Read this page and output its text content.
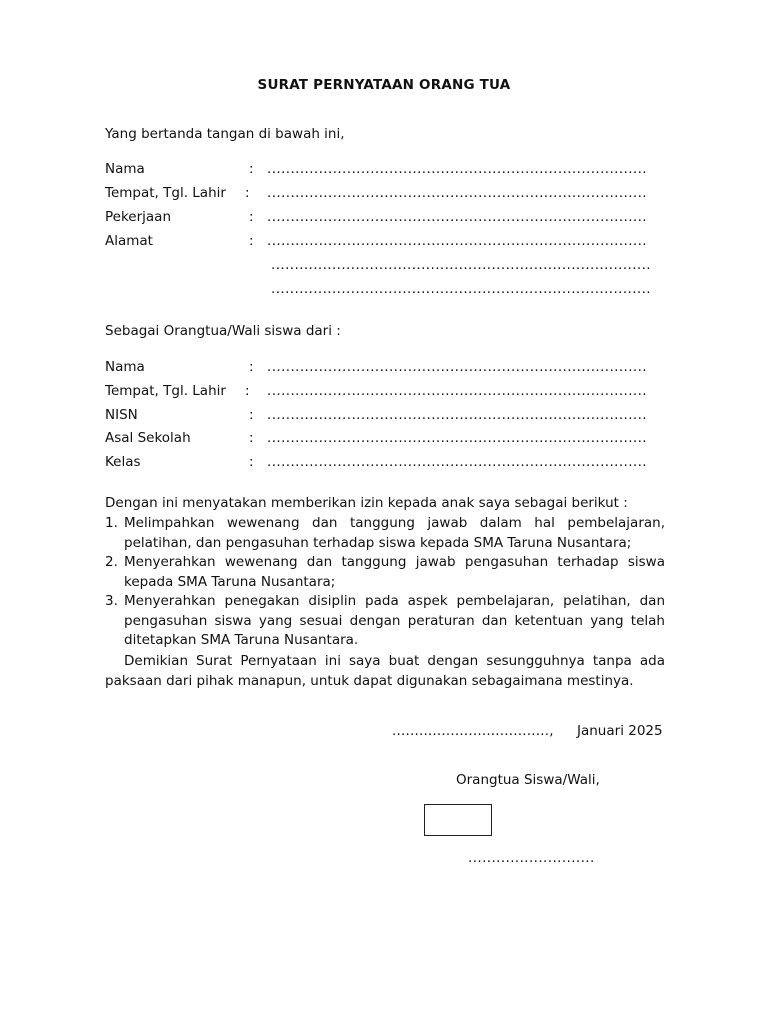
SURAT PERNYATAAN ORANG TUA
Yang bertanda tangan di bawah ini,
Nama	: .................................................................................
Tempat, Tgl. Lahir : .................................................................................
Pekerjaan	: .................................................................................
Alamat	: .................................................................................
.................................................................................
.................................................................................
Sebagai Orangtua/Wali siswa dari :
Nama	: .................................................................................
Tempat, Tgl. Lahir : .................................................................................
NISN	: .................................................................................
Asal Sekolah	: .................................................................................
Kelas	: .................................................................................
Dengan ini menyatakan memberikan izin kepada anak saya sebagai berikut :
1. Melimpahkan wewenang dan tanggung jawab dalam hal pembelajaran, pelatihan, dan pengasuhan terhadap siswa kepada SMA Taruna Nusantara;
2. Menyerahkan wewenang dan tanggung jawab pengasuhan terhadap siswa kepada SMA Taruna Nusantara;
3. Menyerahkan penegakan disiplin pada aspek pembelajaran, pelatihan, dan pengasuhan siswa yang sesuai dengan peraturan dan ketentuan yang telah ditetapkan SMA Taruna Nusantara.
Demikian Surat Pernyataan ini saya buat dengan sesungguhnya tanpa ada paksaan dari pihak manapun, untuk dapat digunakan sebagaimana mestinya.
..................................., Januari 2025
Orangtua Siswa/Wali,
...........................
